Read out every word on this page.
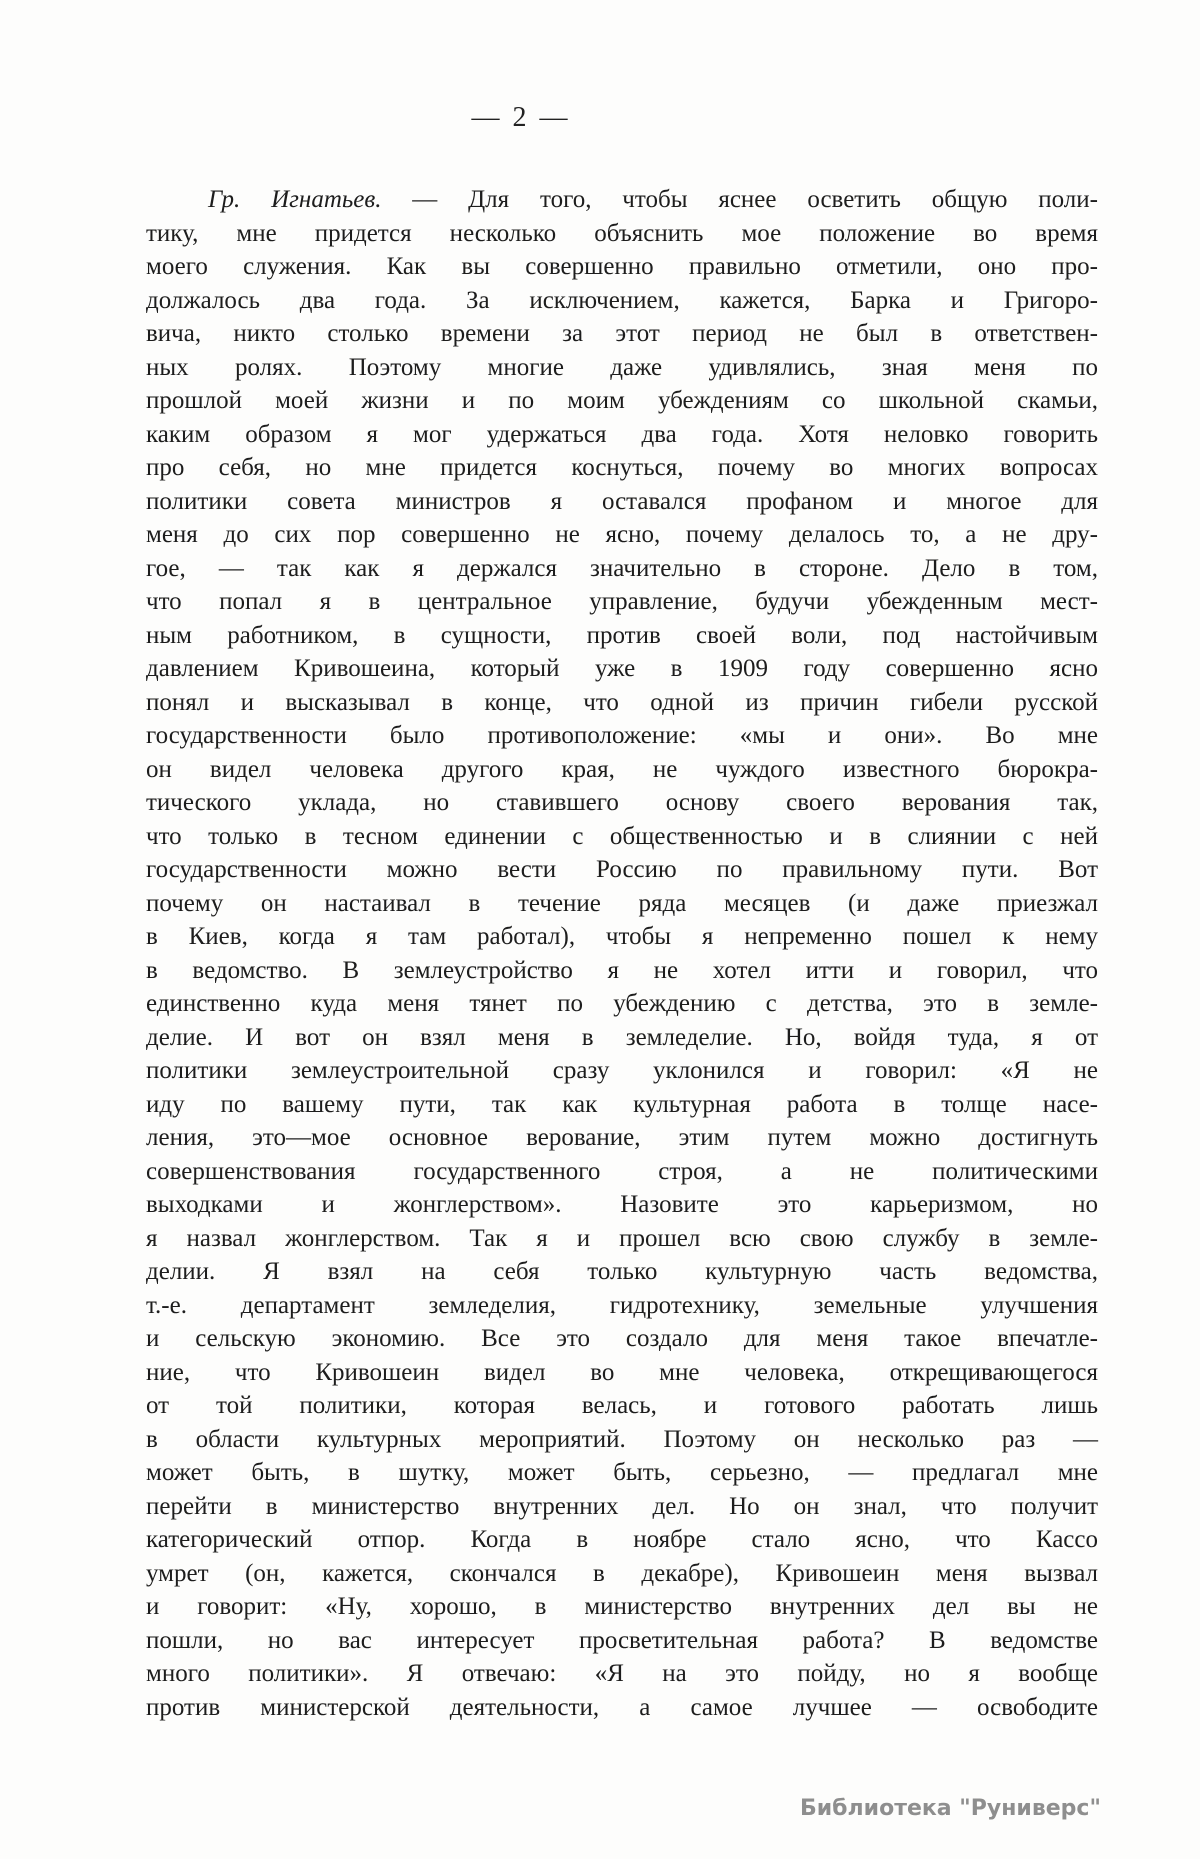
— 2 —
Гр. Игнатьев. — Для того, чтобы яснее осветить общую поли-
тику, мне придется несколько объяснить мое положение во время
моего служения. Как вы совершенно правильно отметили, оно про-
должалось два года. За исключением, кажется, Барка и Григоро-
вича, никто столько времени за этот период не был в ответствен-
ных ролях. Поэтому многие даже удивлялись, зная меня по
прошлой моей жизни и по моим убеждениям со школьной скамьи,
каким образом я мог удержаться два года. Хотя неловко говорить
про себя, но мне придется коснуться, почему во многих вопросах
политики совета министров я оставался профаном и многое для
меня до сих пор совершенно не ясно, почему делалось то, а не дру-
гое, — так как я держался значительно в стороне. Дело в том,
что попал я в центральное управление, будучи убежденным мест-
ным работником, в сущности, против своей воли, под настойчивым
давлением Кривошеина, который уже в 1909 году совершенно ясно
понял и высказывал в конце, что одной из причин гибели русской
государственности было противоположение: «мы и они». Во мне
он видел человека другого края, не чуждого известного бюрокра-
тического уклада, но ставившего основу своего верования так,
что только в тесном единении с общественностью и в слиянии с ней
государственности можно вести Россию по правильному пути. Вот
почему он настаивал в течение ряда месяцев (и даже приезжал
в Киев, когда я там работал), чтобы я непременно пошел к нему
в ведомство. В землеустройство я не хотел итти и говорил, что
единственно куда меня тянет по убеждению с детства, это в земле-
делие. И вот он взял меня в земледелие. Но, войдя туда, я от
политики землеустроительной сразу уклонился и говорил: «Я не
иду по вашему пути, так как культурная работа в толще насе-
ления, это—мое основное верование, этим путем можно достигнуть
совершенствования государственного строя, а не политическими
выходками и жонглерством». Назовите это карьеризмом, но
я назвал жонглерством. Так я и прошел всю свою службу в земле-
делии. Я взял на себя только культурную часть ведомства,
т.-е. департамент земледелия, гидротехнику, земельные улучшения
и сельскую экономию. Все это создало для меня такое впечатле-
ние, что Кривошеин видел во мне человека, открещивающегося
от той политики, которая велась, и готового работать лишь
в области культурных мероприятий. Поэтому он несколько раз —
может быть, в шутку, может быть, серьезно, — предлагал мне
перейти в министерство внутренних дел. Но он знал, что получит
категорический отпор. Когда в ноябре стало ясно, что Кассо
умрет (он, кажется, скончался в декабре), Кривошеин меня вызвал
и говорит: «Ну, хорошо, в министерство внутренних дел вы не
пошли, но вас интересует просветительная работа? В ведомстве
много политики». Я отвечаю: «Я на это пойду, но я вообще
против министерской деятельности, а самое лучшее — освободите
Библиотека "Руниверс"
